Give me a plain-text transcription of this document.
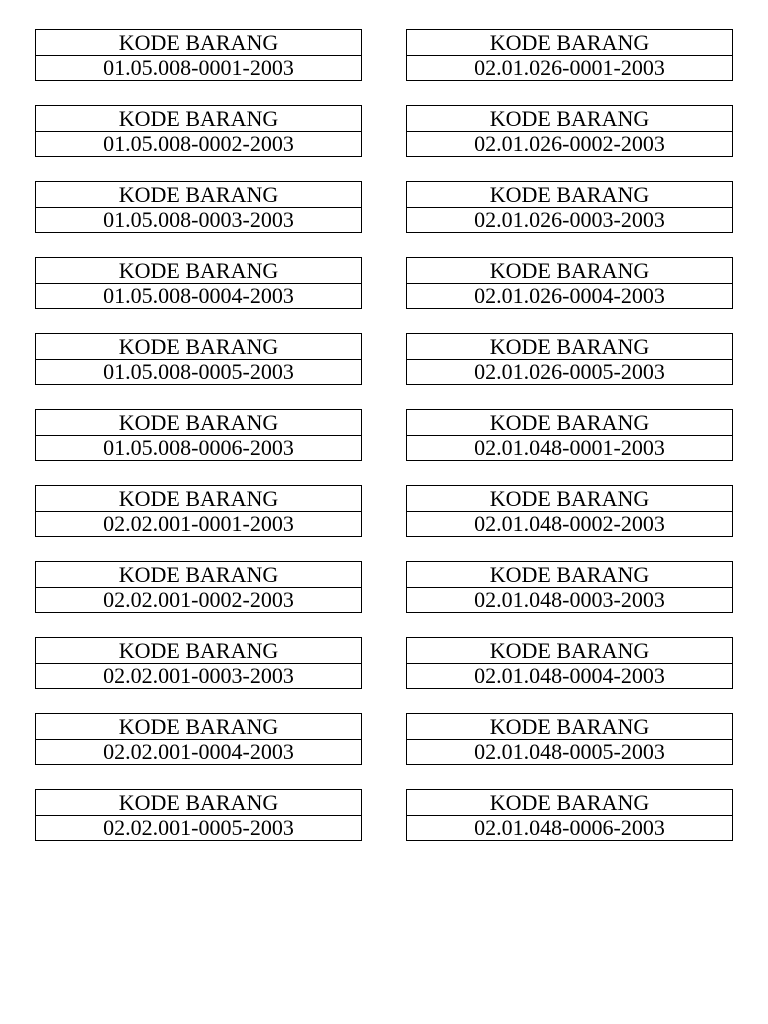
KODE BARANG
01.05.008-0001-2003
KODE BARANG
01.05.008-0002-2003
KODE BARANG
01.05.008-0003-2003
KODE BARANG
01.05.008-0004-2003
KODE BARANG
01.05.008-0005-2003
KODE BARANG
01.05.008-0006-2003
KODE BARANG
02.02.001-0001-2003
KODE BARANG
02.02.001-0002-2003
KODE BARANG
02.02.001-0003-2003
KODE BARANG
02.02.001-0004-2003
KODE BARANG
02.02.001-0005-2003
KODE BARANG
02.01.026-0001-2003
KODE BARANG
02.01.026-0002-2003
KODE BARANG
02.01.026-0003-2003
KODE BARANG
02.01.026-0004-2003
KODE BARANG
02.01.026-0005-2003
KODE BARANG
02.01.048-0001-2003
KODE BARANG
02.01.048-0002-2003
KODE BARANG
02.01.048-0003-2003
KODE BARANG
02.01.048-0004-2003
KODE BARANG
02.01.048-0005-2003
KODE BARANG
02.01.048-0006-2003
